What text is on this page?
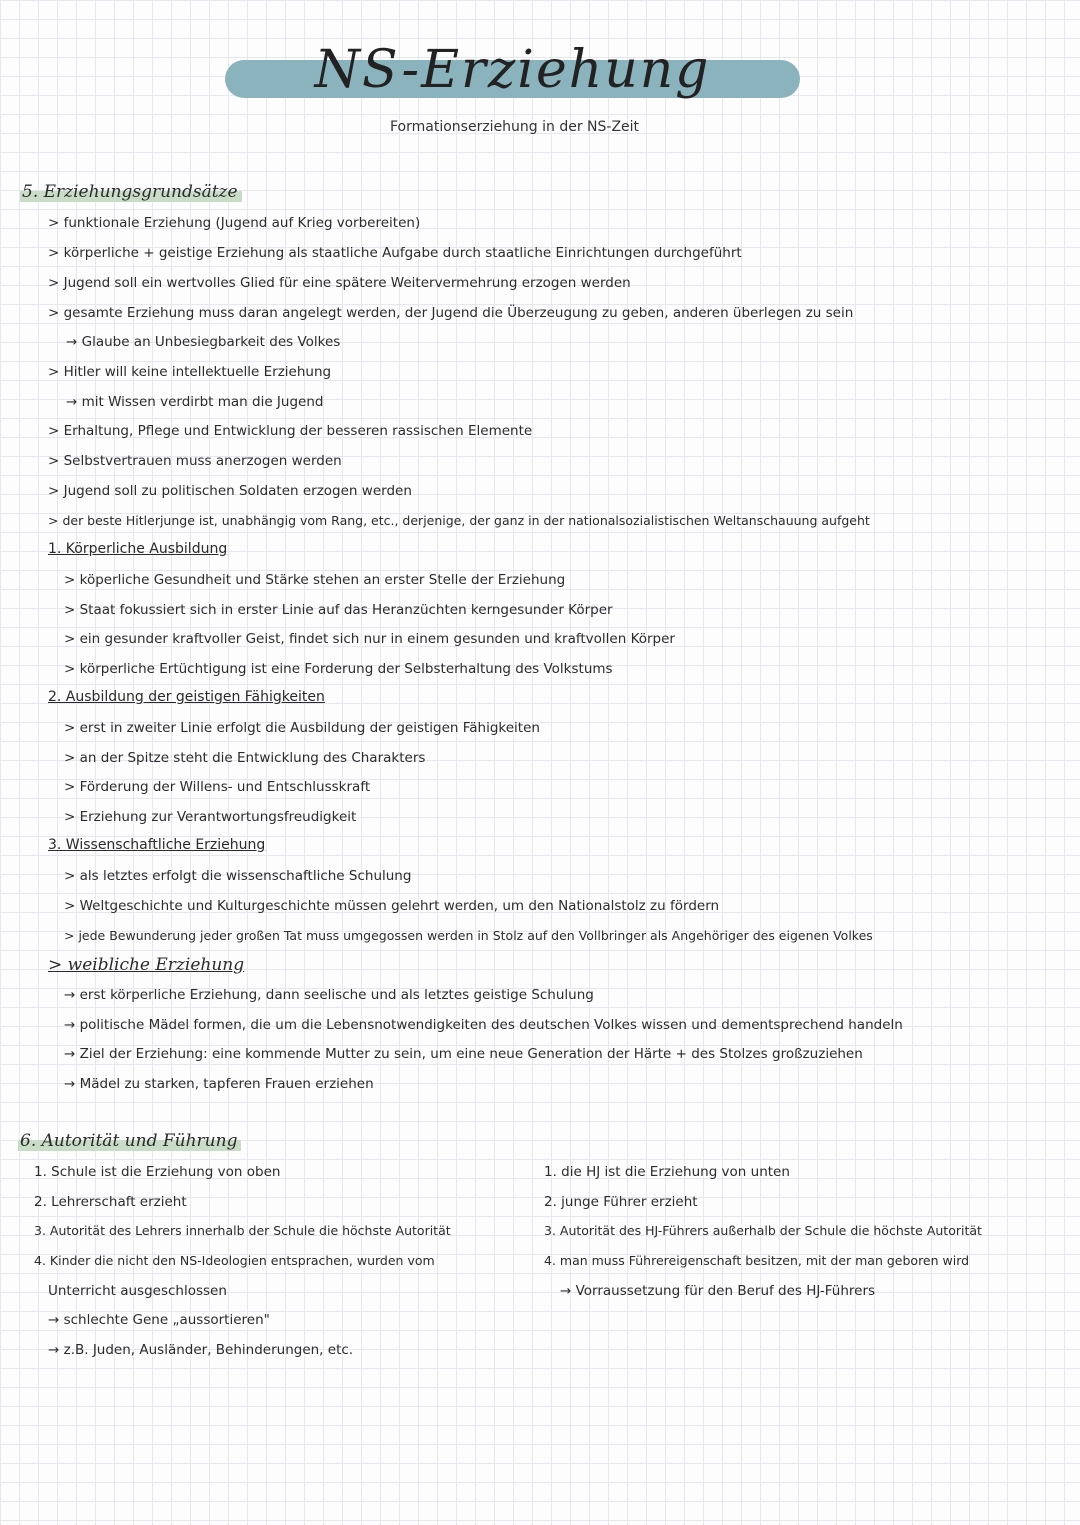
NS-Erziehung
Formationserziehung in der NS-Zeit
5. Erziehungsgrundsätze
> funktionale Erziehung (Jugend auf Krieg vorbereiten)
> körperliche + geistige Erziehung als staatliche Aufgabe durch staatliche Einrichtungen durchgeführt
> Jugend soll ein wertvolles Glied für eine spätere Weitervermehrung erzogen werden
> gesamte Erziehung muss daran angelegt werden, der Jugend die Überzeugung zu geben, anderen überlegen zu sein
→ Glaube an Unbesiegbarkeit des Volkes
> Hitler will keine intellektuelle Erziehung
→ mit Wissen verdirbt man die Jugend
> Erhaltung, Pflege und Entwicklung der besseren rassischen Elemente
> Selbstvertrauen muss anerzogen werden
> Jugend soll zu politischen Soldaten erzogen werden
> der beste Hitlerjunge ist, unabhängig vom Rang, etc., derjenige, der ganz in der nationalsozialistischen Weltanschauung aufgeht
1. Körperliche Ausbildung
> köperliche Gesundheit und Stärke stehen an erster Stelle der Erziehung
> Staat fokussiert sich in erster Linie auf das Heranzüchten kerngesunder Körper
> ein gesunder kraftvoller Geist, findet sich nur in einem gesunden und kraftvollen Körper
> körperliche Ertüchtigung ist eine Forderung der Selbsterhaltung des Volkstums
2. Ausbildung der geistigen Fähigkeiten
> erst in zweiter Linie erfolgt die Ausbildung der geistigen Fähigkeiten
> an der Spitze steht die Entwicklung des Charakters
> Förderung der Willens- und Entschlusskraft
> Erziehung zur Verantwortungsfreudigkeit
3. Wissenschaftliche Erziehung
> als letztes erfolgt die wissenschaftliche Schulung
> Weltgeschichte und Kulturgeschichte müssen gelehrt werden, um den Nationalstolz zu fördern
> jede Bewunderung jeder großen Tat muss umgegossen werden in Stolz auf den Vollbringer als Angehöriger des eigenen Volkes
> weibliche Erziehung
→ erst körperliche Erziehung, dann seelische und als letztes geistige Schulung
→ politische Mädel formen, die um die Lebensnotwendigkeiten des deutschen Volkes wissen und dementsprechend handeln
→ Ziel der Erziehung: eine kommende Mutter zu sein, um eine neue Generation der Härte + des Stolzes großzuziehen
→ Mädel zu starken, tapferen Frauen erziehen
6. Autorität und Führung
1. Schule ist die Erziehung von oben
2. Lehrerschaft erzieht
3. Autorität des Lehrers innerhalb der Schule die höchste Autorität
4. Kinder die nicht den NS-Ideologien entsprachen, wurden vom
Unterricht ausgeschlossen
→ schlechte Gene „aussortieren"
→ z.B. Juden, Ausländer, Behinderungen, etc.
1. die HJ ist die Erziehung von unten
2. junge Führer erzieht
3. Autorität des HJ-Führers außerhalb der Schule die höchste Autorität
4. man muss Führereigenschaft besitzen, mit der man geboren wird
→ Vorraussetzung für den Beruf des HJ-Führers
